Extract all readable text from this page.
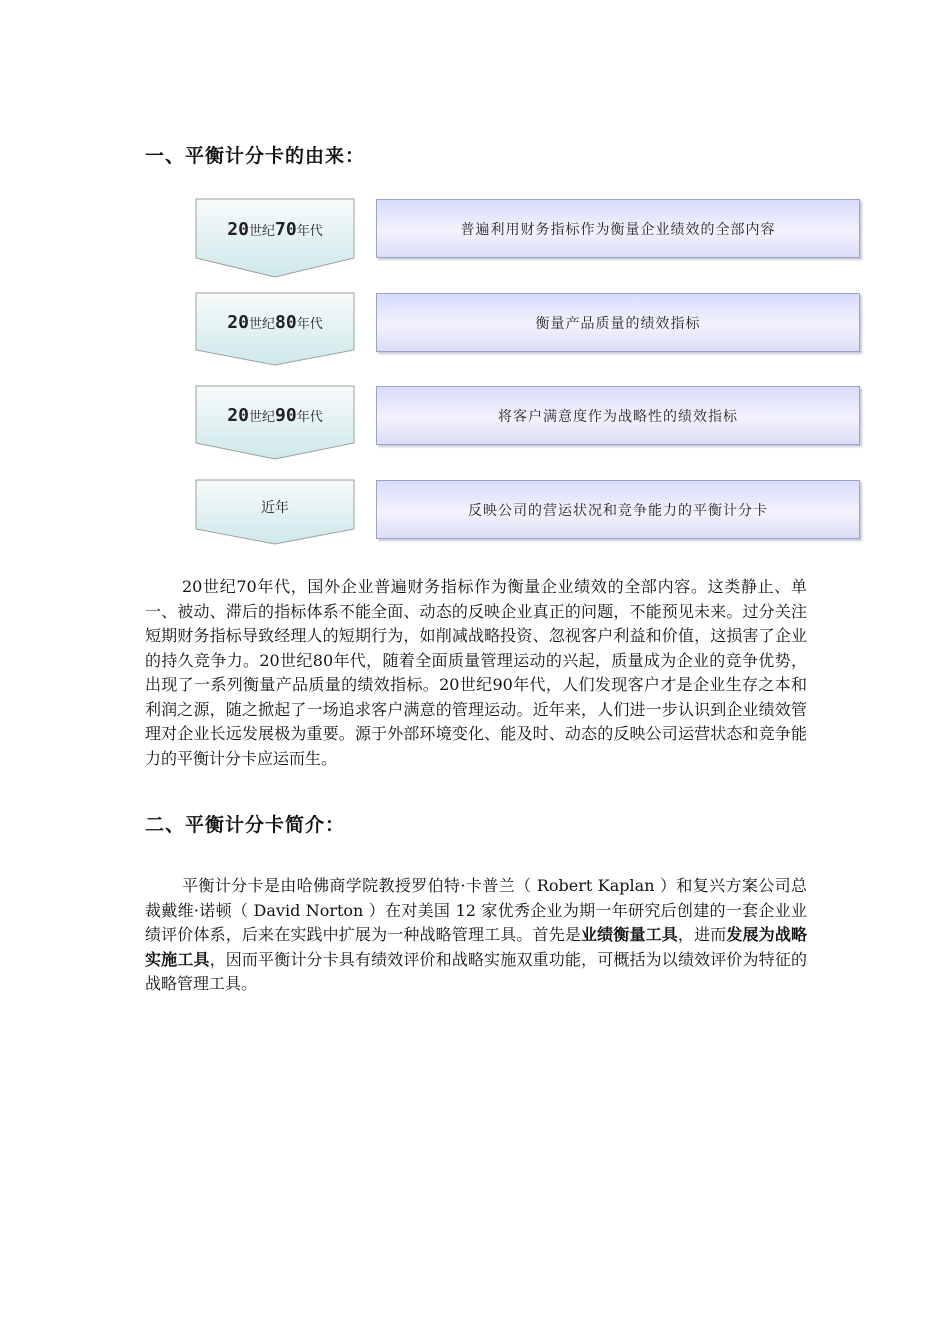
一、平衡计分卡的由来：
20世纪70年代	普遍利用财务指标作为衡量企业绩效的全部内容
20世纪80年代	衡量产品质量的绩效指标
20世纪90年代	将客户满意度作为战略性的绩效指标
近年	反映公司的营运状况和竞争能力的平衡计分卡
20世纪70年代，国外企业普遍财务指标作为衡量企业绩效的全部内容。这类静止、单一、被动、滞后的指标体系不能全面、动态的反映企业真正的问题，不能预见未来。过分关注短期财务指标导致经理人的短期行为，如削减战略投资、忽视客户利益和价值，这损害了企业的持久竞争力。20世纪80年代，随着全面质量管理运动的兴起，质量成为企业的竞争优势，出现了一系列衡量产品质量的绩效指标。20世纪90年代，人们发现客户才是企业生存之本和利润之源，随之掀起了一场追求客户满意的管理运动。近年来，人们进一步认识到企业绩效管理对企业长远发展极为重要。源于外部环境变化、能及时、动态的反映公司运营状态和竞争能力的平衡计分卡应运而生。
二、平衡计分卡简介：
平衡计分卡是由哈佛商学院教授罗伯特·卡普兰（ Robert Kaplan ）和复兴方案公司总裁戴维·诺顿（ David Norton ）在对美国 12 家优秀企业为期一年研究后创建的一套企业业绩评价体系，后来在实践中扩展为一种战略管理工具。首先是业绩衡量工具，进而发展为战略实施工具，因而平衡计分卡具有绩效评价和战略实施双重功能，可概括为以绩效评价为特征的战略管理工具。
